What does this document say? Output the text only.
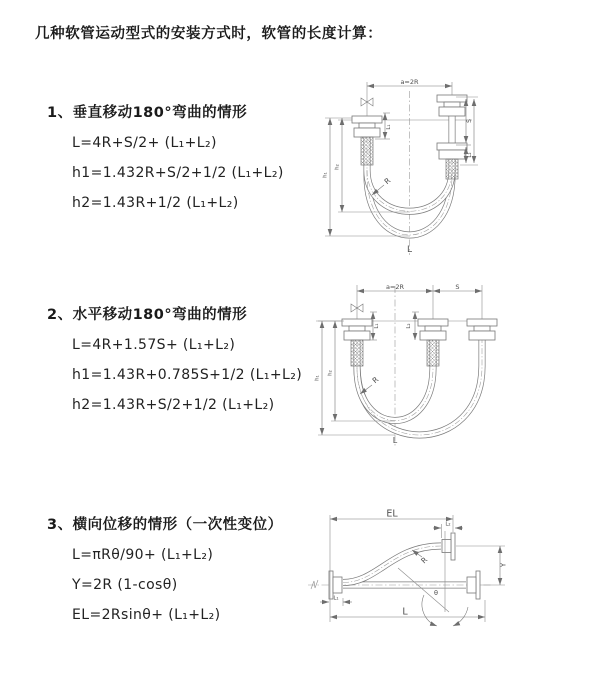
几种软管运动型式的安装方式时，软管的长度计算：
1、垂直移动180°弯曲的情形
L=4R+S/2+ (L₁+L₂)
h1=1.432R+S/2+1/2 (L₁+L₂)
h2=1.43R+1/2 (L₁+L₂)
2、水平移动180°弯曲的情形
L=4R+1.57S+ (L₁+L₂)
h1=1.43R+0.785S+1/2 (L₁+L₂)
h2=1.43R+S/2+1/2 (L₁+L₂)
3、横向位移的情形（一次性变位）
L=πRθ/90+ (L₁+L₂)
Y=2R (1-cosθ)
EL=2Rsinθ+ (L₁+L₂)
a=2R
L₁
S
L₂
h₁
h₂
R
L
a=2R	S
L₁	L₂
h₁
h₂
R
L
EL
L₂
Y
L
L₁
R
θ
